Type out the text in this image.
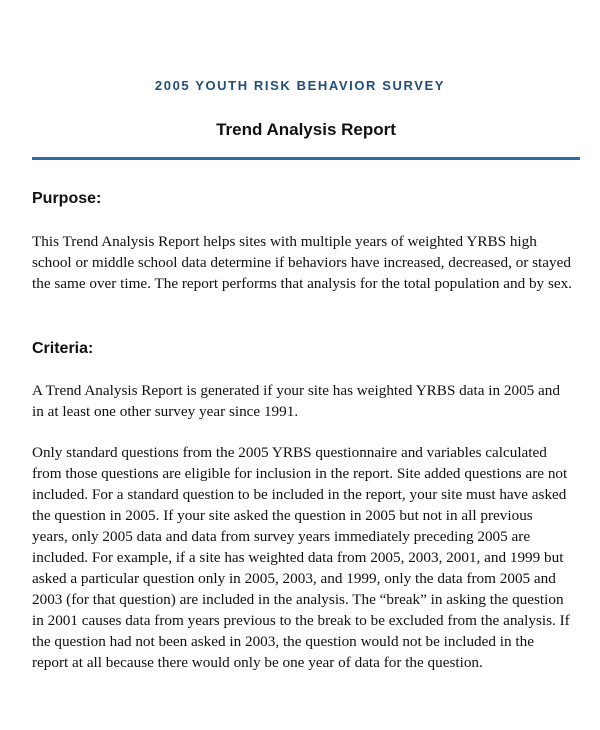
2005 YOUTH RISK BEHAVIOR SURVEY
Trend Analysis Report
Purpose:

This Trend Analysis Report helps sites with multiple years of weighted YRBS high school or middle school data determine if behaviors have increased, decreased, or stayed the same over time. The report performs that analysis for the total population and by sex.

Criteria:

A Trend Analysis Report is generated if your site has weighted YRBS data in 2005 and in at least one other survey year since 1991.

Only standard questions from the 2005 YRBS questionnaire and variables calculated from those questions are eligible for inclusion in the report. Site added questions are not included. For a standard question to be included in the report, your site must have asked the question in 2005. If your site asked the question in 2005 but not in all previous years, only 2005 data and data from survey years immediately preceding 2005 are included. For example, if a site has weighted data from 2005, 2003, 2001, and 1999 but asked a particular question only in 2005, 2003, and 1999, only the data from 2005 and 2003 (for that question) are included in the analysis. The “break” in asking the question in 2001 causes data from years previous to the break to be excluded from the analysis. If the question had not been asked in 2003, the question would not be included in the report at all because there would only be one year of data for the question.
